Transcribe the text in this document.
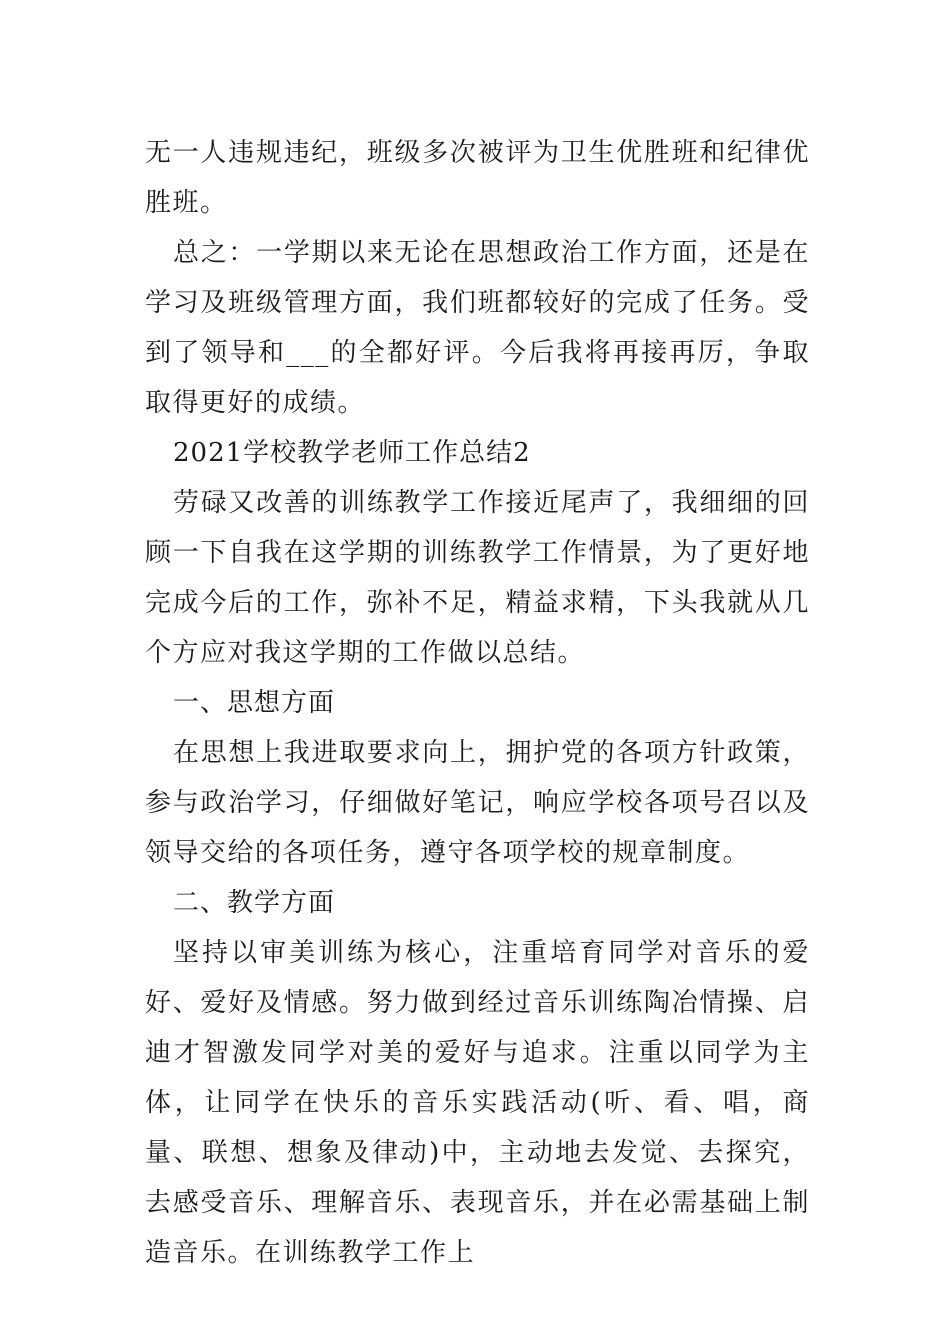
无一人违规违纪，班级多次被评为卫生优胜班和纪律优胜班。

总之：一学期以来无论在思想政治工作方面，还是在学习及班级管理方面，我们班都较好的完成了任务。受到了领导和___的全都好评。今后我将再接再厉，争取取得更好的成绩。

2021学校教学老师工作总结2

劳碌又改善的训练教学工作接近尾声了，我细细的回顾一下自我在这学期的训练教学工作情景，为了更好地完成今后的工作，弥补不足，精益求精，下头我就从几个方应对我这学期的工作做以总结。

一、思想方面

在思想上我进取要求向上，拥护党的各项方针政策，参与政治学习，仔细做好笔记，响应学校各项号召以及领导交给的各项任务，遵守各项学校的规章制度。

二、教学方面

坚持以审美训练为核心，注重培育同学对音乐的爱好、爱好及情感。努力做到经过音乐训练陶冶情操、启迪才智激发同学对美的爱好与追求。注重以同学为主体，让同学在快乐的音乐实践活动(听、看、唱，商量、联想、想象及律动)中，主动地去发觉、去探究，去感受音乐、理解音乐、表现音乐，并在必需基础上制造音乐。在训练教学工作上
